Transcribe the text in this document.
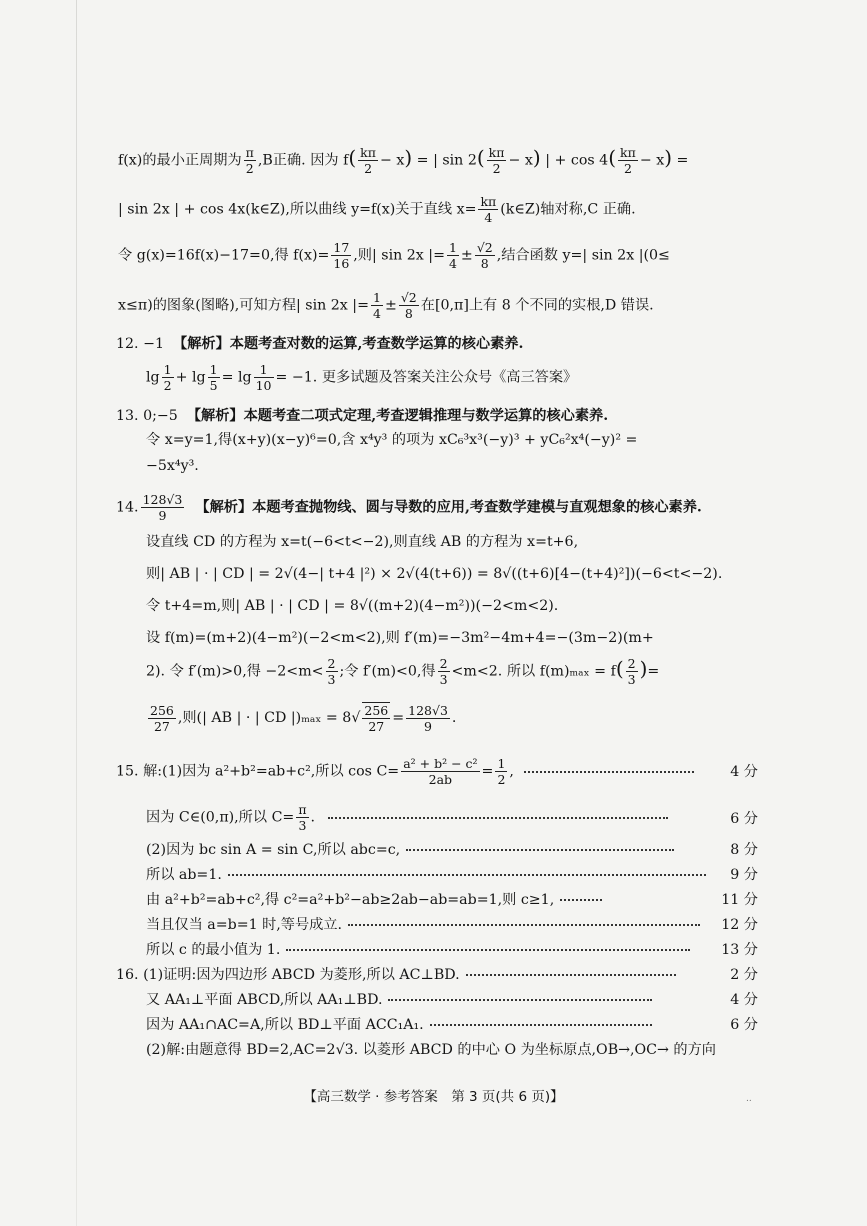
f(x)的最小正周期为 $\frac{\pi}{2} ,B$正确. 因为 $f( \frac{k\pi}{2} - x)$ = | $\sin 2( \frac{k\pi}{2} - x)$ | + $\cos 4( \frac{k\pi}{2} - x)$ =
| sin 2x | + cos 4x(k∈Z),所以曲线 y=f(x)关于直线 $x= \frac{k\pi}{4}$ (k∈Z)轴对称,C 正确.
令 g(x)=16f(x)−17=0,得 $f(x)= \frac{17}{16}$ ,则| sin 2x |= $\frac{1}{4} \pm \frac{√2}{8}$ ,结合函数 y=| sin 2x |(0≤
x≤π)的图象(图略),可知方程| sin 2x |= $\frac{1}{4} \pm \frac{√2}{8}$ 在[0,π]上有 8 个不同的实根,D 错误.
12. −1 【解析】本题考查对数的运算,考查数学运算的核心素养.
$\lg \frac{1}{2} + \lg \frac{1}{5} = \lg \frac{1}{10} = -1$. 更多试题及答案关注公众号《高三答案》
13. 0;−5 【解析】本题考查二项式定理,考查逻辑推理与数学运算的核心素养.
令 x=y=1,得(x+y)(x−y)⁶=0,含 x⁴y³ 的项为 xC₆³x³(−y)³ + yC₆²x⁴(−y)² =
−5x⁴y³.
14. $\frac{128√3}{9}$ 【解析】本题考查抛物线、圆与导数的应用,考查数学建模与直观想象的核心素养.
设直线 CD 的方程为 x=t(−6<t<−2),则直线 AB 的方程为 x=t+6,
则| AB | · | CD | = 2√(4−| t+4 |²) × 2√(4(t+6)) = 8√((t+6)[4−(t+4)²])(−6<t<−2).
令 t+4=m,则| AB | · | CD | = 8√((m+2)(4−m²))(−2<m<2).
设 f(m)=(m+2)(4−m²)(−2<m<2),则 f′(m)=−3m²−4m+4=−(3m−2)(m+
2). 令 f′(m)>0,得 $-2<m< \frac{2}{3}$ ;令 f′(m)<0,得 $\frac{2}{3} <m<2$. 所以 $f(m)_{max} = f( \frac{2}{3}$ )=
$\frac{256}{27}$ ,则(| AB | · | CD $|)_{max} = 8√ \frac{256}{27} = \frac{128√3}{9}$ .
15. 解:(1)因为 a²+b²=ab+c²,所以 $\cos C= \frac{\text{a² + b² − c²}}{2ab} = \frac{1}{2}$ ,	4 分
因为 C∈(0,π),所以 $C= \frac{\pi}{3}$ .	6 分
(2)因为 bc sin A = sin C,所以 abc=c,	8 分
所以 ab=1.	9 分
由 a²+b²=ab+c²,得 c²=a²+b²−ab≥2ab−ab=ab=1,则 c≥1,	11 分
当且仅当 a=b=1 时,等号成立.	12 分
所以 c 的最小值为 1.	13 分
16. (1)证明:因为四边形 ABCD 为菱形,所以 AC⊥BD.	2 分
又 AA₁⊥平面 ABCD,所以 AA₁⊥BD.	4 分
因为 AA₁∩AC=A,所以 BD⊥平面 ACC₁A₁.	6 分
(2)解:由题意得 BD=2,AC=2√3. 以菱形 ABCD 的中心 O 为坐标原点,OB→,OC→ 的方向
【高三数学 · 参考答案　第 3 页(共 6 页)】	..
